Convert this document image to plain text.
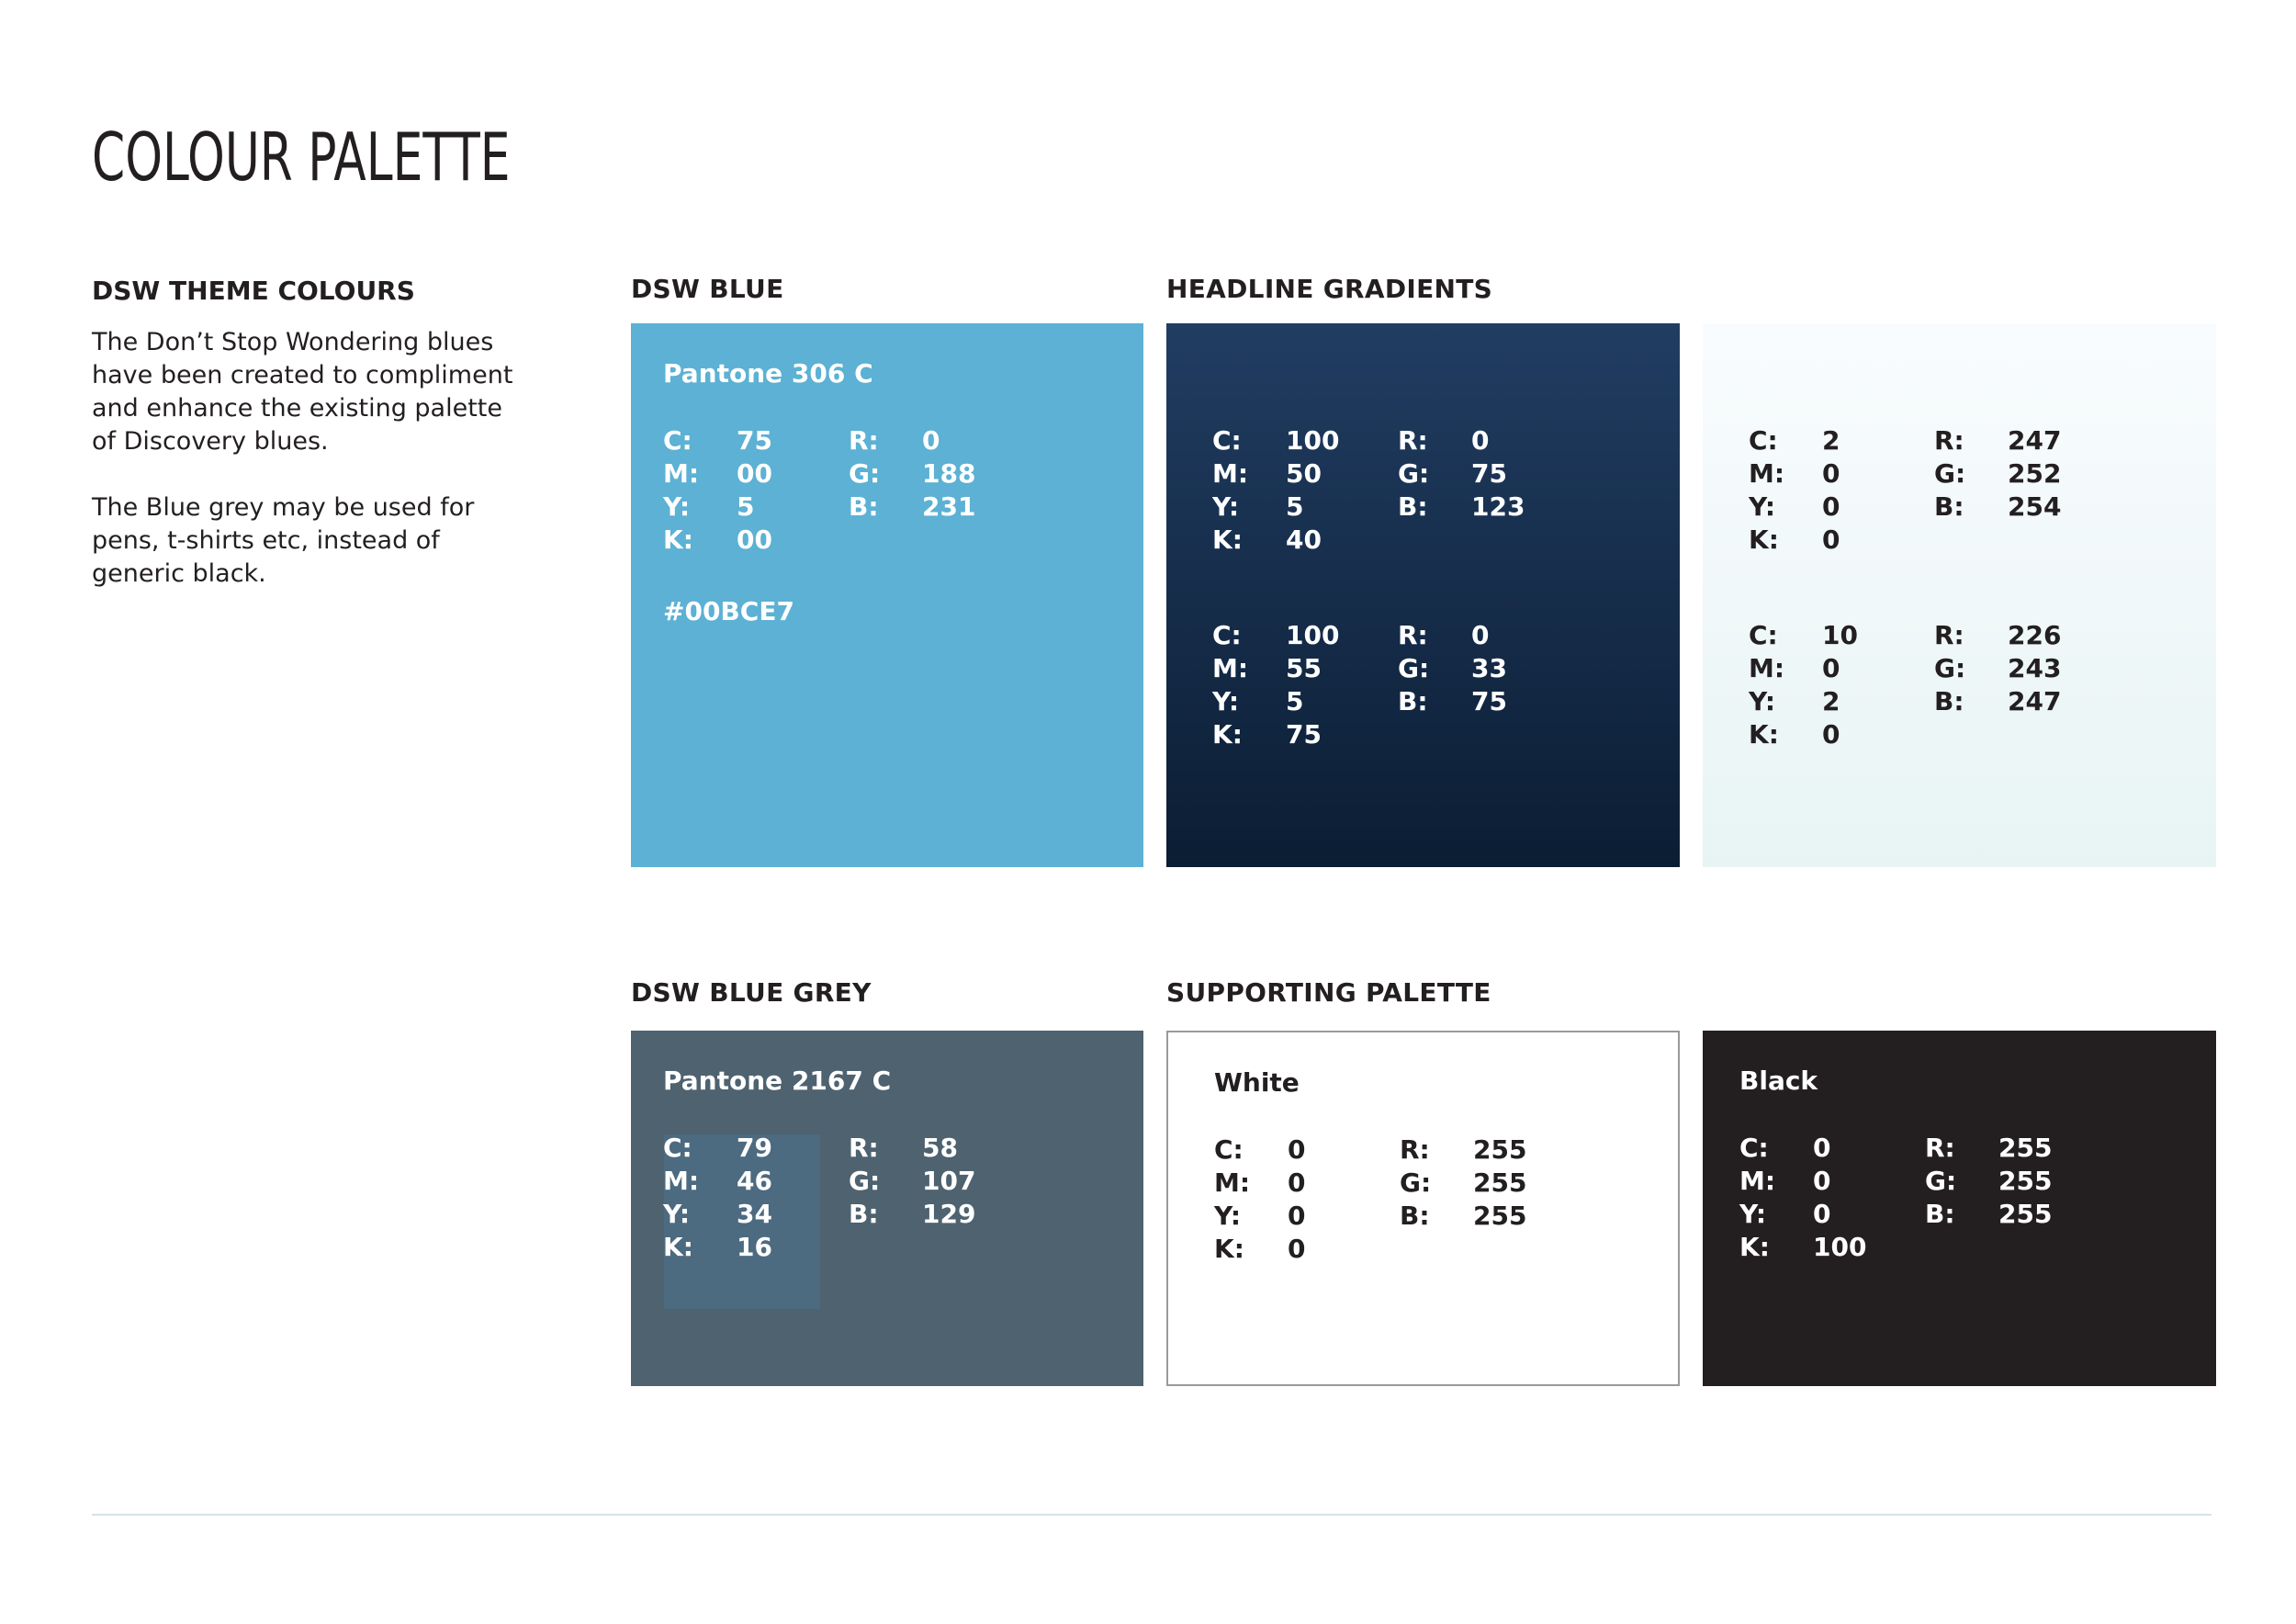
COLOUR PALETTE
DSW THEME COLOURS

The Don’t Stop Wondering blues have been created to compliment and enhance the existing palette of Discovery blues.

The Blue grey may be used for pens, t-shirts etc, instead of generic black.

DSW BLUE	HEADLINE GRADIENTS
DSW BLUE GREY	SUPPORTING PALETTE
Pantone 306 C
C:	75	R:	0
M:	00	G:	188
Y:	5	B:	231
K:	00
#00BCE7
C:	100	R:	0
M:	50	G:	75
Y:	5	B:	123
K:	40
C:	100	R:	0
M:	55	G:	33
Y:	5	B:	75
K:	75
C:	2	R:	247
M:	0	G:	252
Y:	0	B:	254
K:	0
C:	10	R:	226
M:	0	G:	243
Y:	2	B:	247
K:	0
Pantone 2167 C
C:	79	R:	58
M:	46	G:	107
Y:	34	B:	129
K:	16
White
C:	0	R:	255
M:	0	G:	255
Y:	0	B:	255
K:	0
Black
C:	0	R:	255
M:	0	G:	255
Y:	0	B:	255
K:	100
